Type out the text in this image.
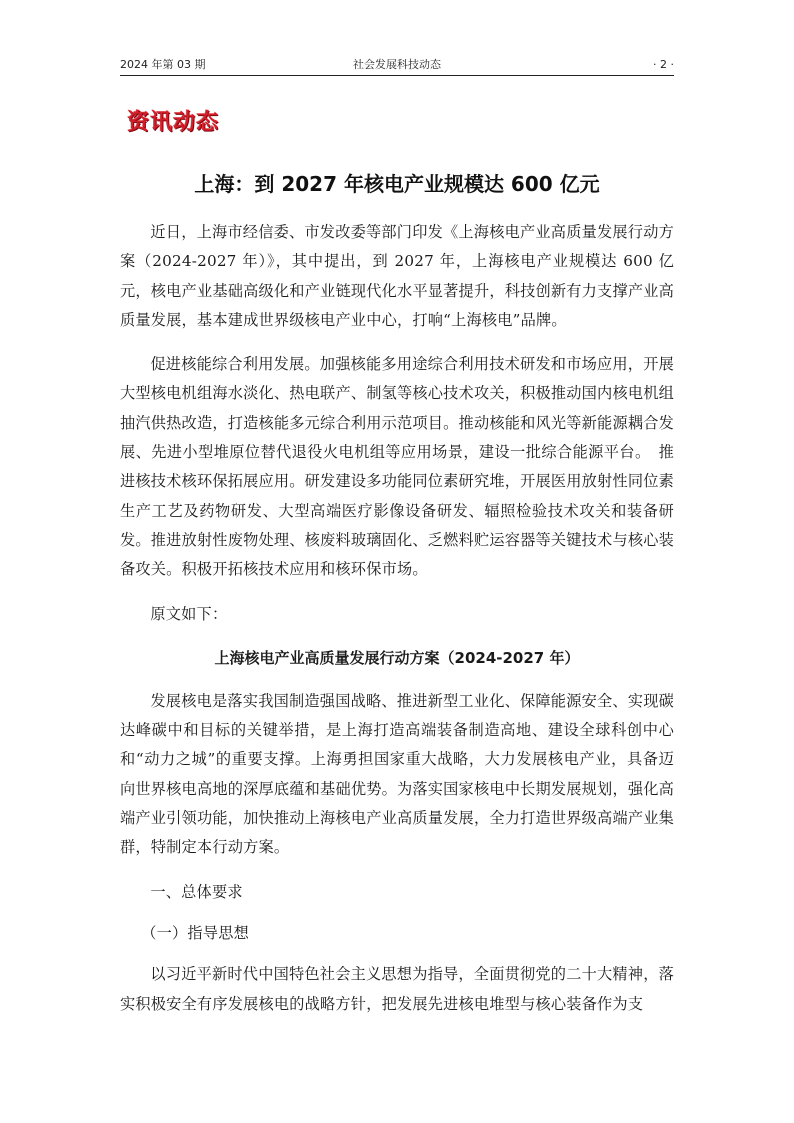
2024 年第 03 期	社会发展科技动态	· 2 ·
资讯动态
上海：到 2027 年核电产业规模达 600 亿元

近日，上海市经信委、市发改委等部门印发《上海核电产业高质量发展行动方案（2024-2027 年）》，其中提出，到 2027 年，上海核电产业规模达 600 亿元，核电产业基础高级化和产业链现代化水平显著提升，科技创新有力支撑产业高质量发展，基本建成世界级核电产业中心，打响“上海核电”品牌。

促进核能综合利用发展。加强核能多用途综合利用技术研发和市场应用，开展大型核电机组海水淡化、热电联产、制氢等核心技术攻关，积极推动国内核电机组抽汽供热改造，打造核能多元综合利用示范项目。推动核能和风光等新能源耦合发展、先进小型堆原位替代退役火电机组等应用场景，建设一批综合能源平台。　推进核技术核环保拓展应用。研发建设多功能同位素研究堆，开展医用放射性同位素生产工艺及药物研发、大型高端医疗影像设备研发、辐照检验技术攻关和装备研发。推进放射性废物处理、核废料玻璃固化、乏燃料贮运容器等关键技术与核心装备攻关。积极开拓核技术应用和核环保市场。

原文如下：

上海核电产业高质量发展行动方案（2024-2027 年）

发展核电是落实我国制造强国战略、推进新型工业化、保障能源安全、实现碳达峰碳中和目标的关键举措，是上海打造高端装备制造高地、建设全球科创中心和“动力之城”的重要支撑。上海勇担国家重大战略，大力发展核电产业，具备迈向世界核电高地的深厚底蕴和基础优势。为落实国家核电中长期发展规划，强化高端产业引领功能，加快推动上海核电产业高质量发展，全力打造世界级高端产业集群，特制定本行动方案。

一、总体要求

（一）指导思想

以习近平新时代中国特色社会主义思想为指导，全面贯彻党的二十大精神，落实积极安全有序发展核电的战略方针，把发展先进核电堆型与核心装备作为支
